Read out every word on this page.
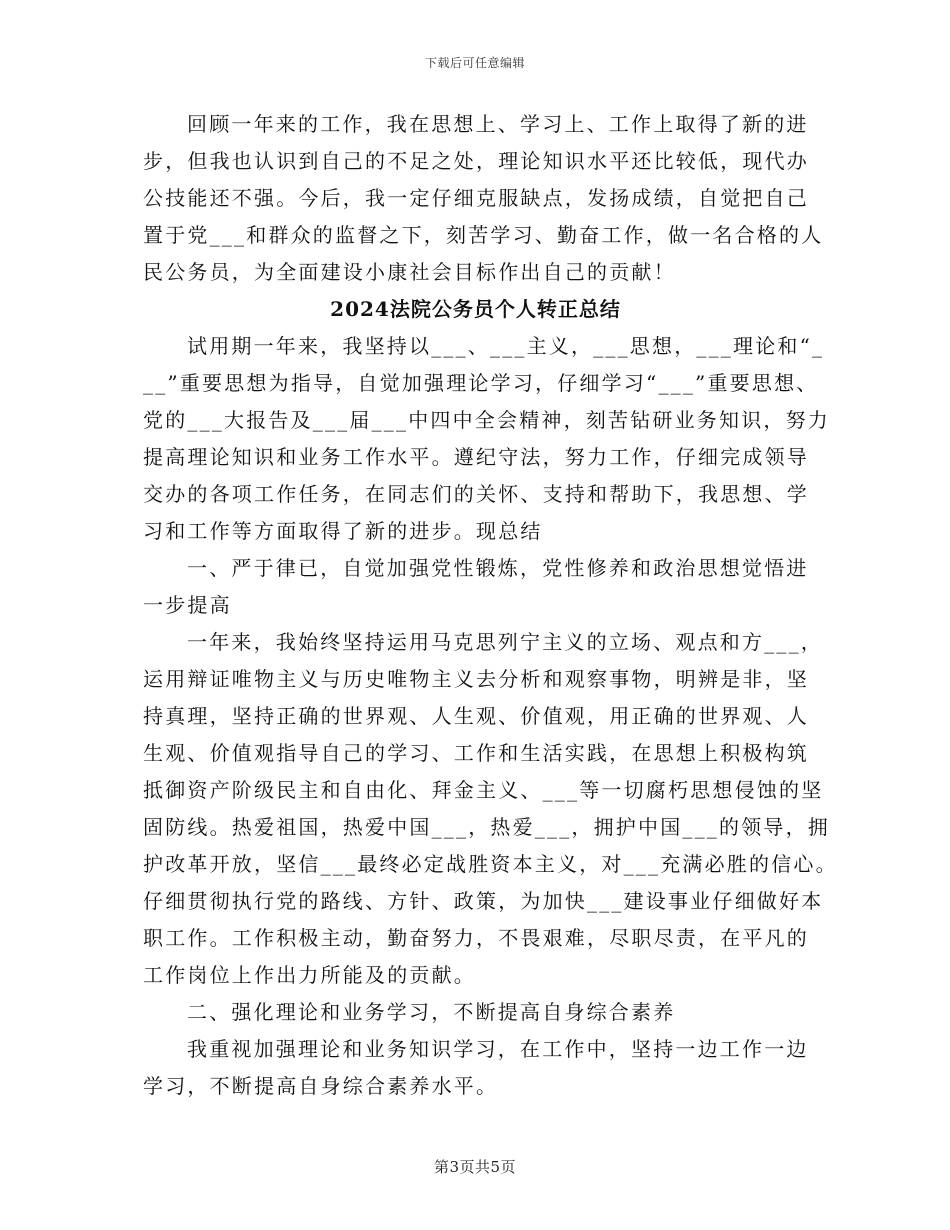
下载后可任意编辑
回顾一年来的工作，我在思想上、学习上、工作上取得了新的进
步，但我也认识到自己的不足之处，理论知识水平还比较低，现代办
公技能还不强。今后，我一定仔细克服缺点，发扬成绩，自觉把自己
置于党___和群众的监督之下，刻苦学习、勤奋工作，做一名合格的人
民公务员，为全面建设小康社会目标作出自己的贡献！
2024法院公务员个人转正总结
试用期一年来，我坚持以___、___主义，___思想，___理论和“_
__”重要思想为指导，自觉加强理论学习，仔细学习“___”重要思想、
党的___大报告及___届___中四中全会精神，刻苦钻研业务知识，努力
提高理论知识和业务工作水平。遵纪守法，努力工作，仔细完成领导
交办的各项工作任务，在同志们的关怀、支持和帮助下，我思想、学
习和工作等方面取得了新的进步。现总结
一、严于律已，自觉加强党性锻炼，党性修养和政治思想觉悟进
一步提高
一年来，我始终坚持运用马克思列宁主义的立场、观点和方___，
运用辩证唯物主义与历史唯物主义去分析和观察事物，明辨是非，坚
持真理，坚持正确的世界观、人生观、价值观，用正确的世界观、人
生观、价值观指导自己的学习、工作和生活实践，在思想上积极构筑
抵御资产阶级民主和自由化、拜金主义、___等一切腐朽思想侵蚀的坚
固防线。热爱祖国，热爱中国___，热爱___，拥护中国___的领导，拥
护改革开放，坚信___最终必定战胜资本主义，对___充满必胜的信心。
仔细贯彻执行党的路线、方针、政策，为加快___建设事业仔细做好本
职工作。工作积极主动，勤奋努力，不畏艰难，尽职尽责，在平凡的
工作岗位上作出力所能及的贡献。
二、强化理论和业务学习，不断提高自身综合素养
我重视加强理论和业务知识学习，在工作中，坚持一边工作一边
学习，不断提高自身综合素养水平。
第3页共5页
